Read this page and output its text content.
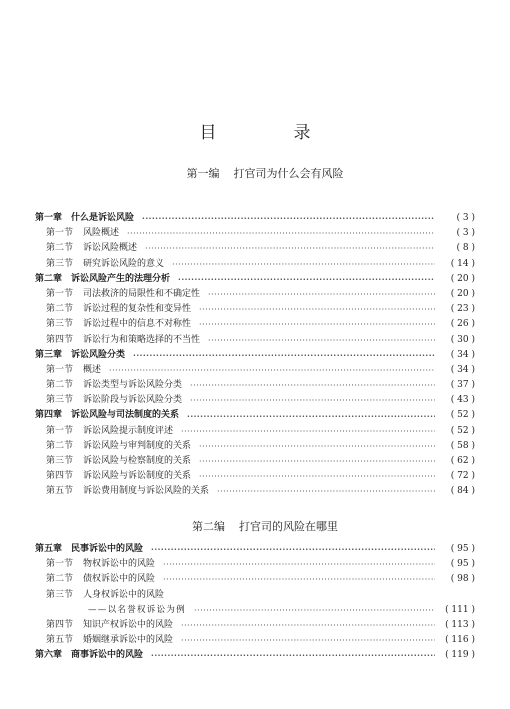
目　录
第一编 打官司为什么会有风险
第一章 什么是诉讼风险 ·····	( 3 )
第一节 风险概述 ·····	( 3 )
第二节 诉讼风险概述 ·····	( 8 )
第三节 研究诉讼风险的意义 ·····	( 14 )
第二章 诉讼风险产生的法理分析 ·····	( 20 )
第一节 司法救济的局限性和不确定性 ·····	( 20 )
第二节 诉讼过程的复杂性和变异性 ·····	( 23 )
第三节 诉讼过程中的信息不对称性 ·····	( 26 )
第四节 诉讼行为和策略选择的不当性 ·····	( 30 )
第三章 诉讼风险分类 ·····	( 34 )
第一节 概述 ·····	( 34 )
第二节 诉讼类型与诉讼风险分类 ·····	( 37 )
第三节 诉讼阶段与诉讼风险分类 ·····	( 43 )
第四章 诉讼风险与司法制度的关系 ·····	( 52 )
第一节 诉讼风险提示制度评述 ·····	( 52 )
第二节 诉讼风险与审判制度的关系 ·····	( 58 )
第三节 诉讼风险与检察制度的关系 ·····	( 62 )
第四节 诉讼风险与诉讼制度的关系 ·····	( 72 )
第五节 诉讼费用制度与诉讼风险的关系 ·····	( 84 )
第二编 打官司的风险在哪里
第五章 民事诉讼中的风险 ·····	( 95 )
第一节 物权诉讼中的风险 ·····	( 95 )
第二节 债权诉讼中的风险 ·····	( 98 )
第三节 人身权诉讼中的风险
——以名誉权诉讼为例 ·····	( 111 )
第四节 知识产权诉讼中的风险 ·····	( 113 )
第五节 婚姻继承诉讼中的风险 ·····	( 116 )
第六章 商事诉讼中的风险 ·····	( 119 )
